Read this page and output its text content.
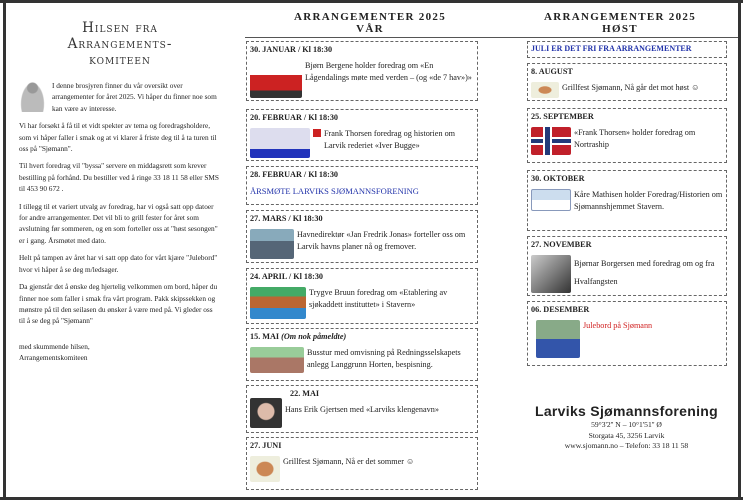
Hilsen fra
Arrangements-
komiteen

I denne brosjyren finner du vår oversikt over arrangementer for året 2025. Vi håper du finner noe som kan være av interesse.

Vi har forsøkt å få til et vidt spekter av tema og foredragsholdere, som vi håper faller i smak og at vi klarer å friste deg til å ta turen til oss på "Sjømann".

Til hvert foredrag vil "byssa" servere en middagsrett som krever bestilling på forhånd. Du bestiller ved å ringe 33 18 11 58 eller SMS til 453 90 672 .

I tillegg til et variert utvalg av foredrag, har vi også satt opp datoer for andre arrangementer. Det vil bli to grill fester for året som avslutning før sommeren, og en som forteller oss at "høst sesongen" er i gang. Årsmøtet med dato.

Helt på tampen av året har vi satt opp dato for vårt kjære "Julebord" hvor vi håper å se deg m/ledsager.

Da gjenstår det å ønske deg hjertelig velkommen om bord, håper du finner noe som faller i smak fra vårt program. Pakk skipssekken og mønstre på til den seilasen du ønsker å være med på. Vi gleder oss til å se deg på "Sjømann"

med skummende hilsen,

Arrangementskomiteen

ARRANGEMENTER 2025
VÅR
30. JANUAR / Kl 18:30
Bjørn Bergene holder foredrag om «En Lågendalings møte med verden – (og «de 7 hav»)»
20. FEBRUAR / Kl 18:30
Frank Thorsen foredrag og historien om Larvik rederiet «Iver Bugge»
28. FEBRUAR / Kl 18:30
ÅRSMØTE LARVIKS SJØMANNSFORENING
27. MARS / Kl 18:30
Havnedirektør «Jan Fredrik Jonas» forteller oss om Larvik havns planer nå og fremover.
24. APRIL / Kl 18:30
Trygve Bruun foredrag om «Etablering av sjøkaddett instituttet» i Stavern»
15. MAI (Om nok påmeldte)
Busstur med omvisning på Redningsselskapets anlegg Langgrunn Horten, bespisning.
22. MAI
Hans Erik Gjertsen med «Larviks klengenavn»
27. JUNI
Grillfest Sjømann, Nå er det sommer ☺
ARRANGEMENTER 2025
HØST
JULI ER DET FRI FRA ARRANGEMENTER
8. AUGUST
Grillfest Sjømann, Nå går det mot høst ☺
25. SEPTEMBER
«Frank Thorsen» holder foredrag om Nortraship
30. OKTOBER
Kåre Mathisen holder Foredrag/Historien om Sjømannshjemmet Stavern.
27. NOVEMBER
Bjørnar Borgersen med foredrag om og fra Hvalfangsten
06. DESEMBER
Julebord på Sjømann
Larviks Sjømannsforening
59°3'2'' N – 10°1'51'' Ø
Storgata 45, 3256 Larvik
www.sjomann.no – Telefon: 33 18 11 58
